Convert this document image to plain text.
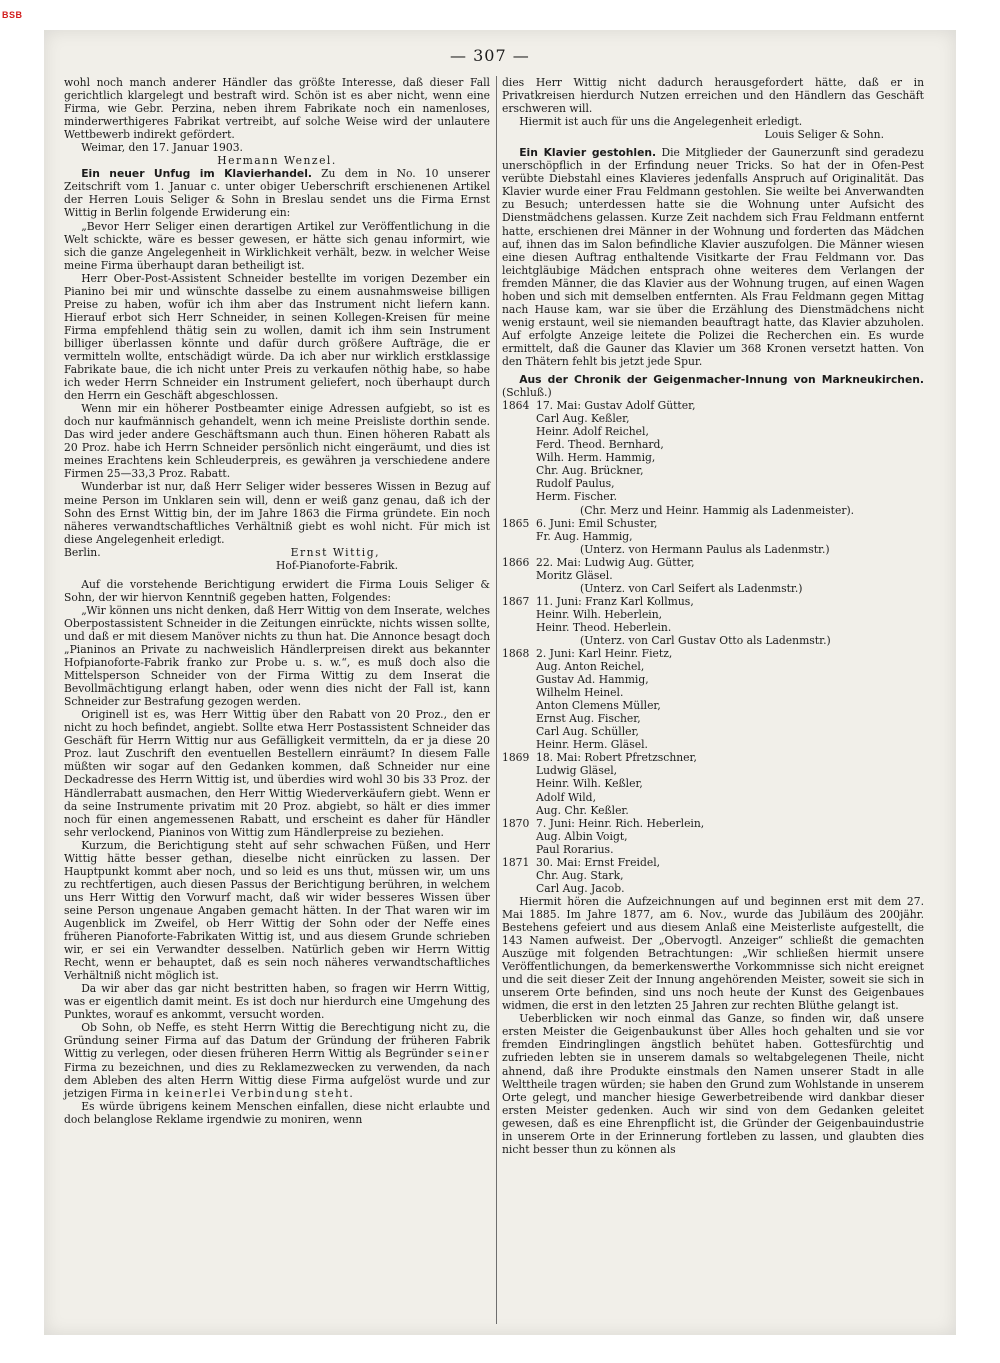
BSB
— 307 —

wohl noch manch anderer Händler das größte Interesse, daß dieser Fall gerichtlich klargelegt und bestraft wird. Schön ist es aber nicht, wenn eine Firma, wie Gebr. Perzina, neben ihrem Fabrikate noch ein namenloses, minderwerthigeres Fabrikat vertreibt, auf solche Weise wird der unlautere Wettbewerb indirekt gefördert.

Weimar, den 17. Januar 1903.

Hermann Wenzel.

Ein neuer Unfug im Klavierhandel. Zu dem in No. 10 unserer Zeitschrift vom 1. Januar c. unter obiger Ueberschrift erschienenen Artikel der Herren Louis Seliger & Sohn in Breslau sendet uns die Firma Ernst Wittig in Berlin folgende Erwiderung ein:

„Bevor Herr Seliger einen derartigen Artikel zur Veröffentlichung in die Welt schickte, wäre es besser gewesen, er hätte sich genau informirt, wie sich die ganze Angelegenheit in Wirklichkeit verhält, bezw. in welcher Weise meine Firma überhaupt daran betheiligt ist.

Herr Ober-Post-Assistent Schneider bestellte im vorigen Dezember ein Pianino bei mir und wünschte dasselbe zu einem ausnahmsweise billigen Preise zu haben, wofür ich ihm aber das Instrument nicht liefern kann. Hierauf erbot sich Herr Schneider, in seinen Kollegen-Kreisen für meine Firma empfehlend thätig sein zu wollen, damit ich ihm sein Instrument billiger überlassen könnte und dafür durch größere Aufträge, die er vermitteln wollte, entschädigt würde. Da ich aber nur wirklich erstklassige Fabrikate baue, die ich nicht unter Preis zu verkaufen nöthig habe, so habe ich weder Herrn Schneider ein Instrument geliefert, noch überhaupt durch den Herrn ein Geschäft abgeschlossen.

Wenn mir ein höherer Postbeamter einige Adressen aufgiebt, so ist es doch nur kaufmännisch gehandelt, wenn ich meine Preisliste dorthin sende. Das wird jeder andere Geschäftsmann auch thun. Einen höheren Rabatt als 20 Proz. habe ich Herrn Schneider persönlich nicht eingeräumt, und dies ist meines Erachtens kein Schleuderpreis, es gewähren ja verschiedene andere Firmen 25—33,3 Proz. Rabatt.

Wunderbar ist nur, daß Herr Seliger wider besseres Wissen in Bezug auf meine Person im Unklaren sein will, denn er weiß ganz genau, daß ich der Sohn des Ernst Wittig bin, der im Jahre 1863 die Firma gründete. Ein noch näheres verwandtschaftliches Verhältniß giebt es wohl nicht. Für mich ist diese Angelegenheit erledigt.

Berlin.	Ernst Wittig,

Hof-Pianoforte-Fabrik.

Auf die vorstehende Berichtigung erwidert die Firma Louis Seliger & Sohn, der wir hiervon Kenntniß gegeben hatten, Folgendes:

„Wir können uns nicht denken, daß Herr Wittig von dem Inserate, welches Oberpostassistent Schneider in die Zeitungen einrückte, nichts wissen sollte, und daß er mit diesem Manöver nichts zu thun hat. Die Annonce besagt doch „Pianinos an Private zu nachweislich Händlerpreisen direkt aus bekannter Hofpianoforte-Fabrik franko zur Probe u. s. w.“, es muß doch also die Mittelsperson Schneider von der Firma Wittig zu dem Inserat die Bevollmächtigung erlangt haben, oder wenn dies nicht der Fall ist, kann Schneider zur Bestrafung gezogen werden.

Originell ist es, was Herr Wittig über den Rabatt von 20 Proz., den er nicht zu hoch befindet, angiebt. Sollte etwa Herr Postassistent Schneider das Geschäft für Herrn Wittig nur aus Gefälligkeit vermitteln, da er ja diese 20 Proz. laut Zuschrift den eventuellen Bestellern einräumt? In diesem Falle müßten wir sogar auf den Gedanken kommen, daß Schneider nur eine Deckadresse des Herrn Wittig ist, und überdies wird wohl 30 bis 33 Proz. der Händlerrabatt ausmachen, den Herr Wittig Wiederverkäufern giebt. Wenn er da seine Instrumente privatim mit 20 Proz. abgiebt, so hält er dies immer noch für einen angemessenen Rabatt, und erscheint es daher für Händler sehr verlockend, Pianinos von Wittig zum Händlerpreise zu beziehen.

Kurzum, die Berichtigung steht auf sehr schwachen Füßen, und Herr Wittig hätte besser gethan, dieselbe nicht einrücken zu lassen. Der Hauptpunkt kommt aber noch, und so leid es uns thut, müssen wir, um uns zu rechtfertigen, auch diesen Passus der Berichtigung berühren, in welchem uns Herr Wittig den Vorwurf macht, daß wir wider besseres Wissen über seine Person ungenaue Angaben gemacht hätten. In der That waren wir im Augenblick im Zweifel, ob Herr Wittig der Sohn oder der Neffe eines früheren Pianoforte-Fabrikaten Wittig ist, und aus diesem Grunde schrieben wir, er sei ein Verwandter desselben. Natürlich geben wir Herrn Wittig Recht, wenn er behauptet, daß es sein noch näheres verwandtschaftliches Verhältniß nicht möglich ist.

Da wir aber das gar nicht bestritten haben, so fragen wir Herrn Wittig, was er eigentlich damit meint. Es ist doch nur hierdurch eine Umgehung des Punktes, worauf es ankommt, versucht worden.

Ob Sohn, ob Neffe, es steht Herrn Wittig die Berechtigung nicht zu, die Gründung seiner Firma auf das Datum der Gründung der früheren Fabrik Wittig zu verlegen, oder diesen früheren Herrn Wittig als Begründer seiner Firma zu bezeichnen, und dies zu Reklamezwecken zu verwenden, da nach dem Ableben des alten Herrn Wittig diese Firma aufgelöst wurde und zur jetzigen Firma in keinerlei Verbindung steht.

Es würde übrigens keinem Menschen einfallen, diese nicht erlaubte und doch belanglose Reklame irgendwie zu moniren, wenn

dies Herr Wittig nicht dadurch herausgefordert hätte, daß er in Privatkreisen hierdurch Nutzen erreichen und den Händlern das Geschäft erschweren will.

Hiermit ist auch für uns die Angelegenheit erledigt.

Louis Seliger & Sohn.

Ein Klavier gestohlen. Die Mitglieder der Gaunerzunft sind geradezu unerschöpflich in der Erfindung neuer Tricks. So hat der in Ofen-Pest verübte Diebstahl eines Klavieres jedenfalls Anspruch auf Originalität. Das Klavier wurde einer Frau Feldmann gestohlen. Sie weilte bei Anverwandten zu Besuch; unterdessen hatte sie die Wohnung unter Aufsicht des Dienstmädchens gelassen. Kurze Zeit nachdem sich Frau Feldmann entfernt hatte, erschienen drei Männer in der Wohnung und forderten das Mädchen auf, ihnen das im Salon befindliche Klavier auszufolgen. Die Männer wiesen eine diesen Auftrag enthaltende Visitkarte der Frau Feldmann vor. Das leichtgläubige Mädchen entsprach ohne weiteres dem Verlangen der fremden Männer, die das Klavier aus der Wohnung trugen, auf einen Wagen hoben und sich mit demselben entfernten. Als Frau Feldmann gegen Mittag nach Hause kam, war sie über die Erzählung des Dienstmädchens nicht wenig erstaunt, weil sie niemanden beauftragt hatte, das Klavier abzuholen. Auf erfolgte Anzeige leitete die Polizei die Recherchen ein. Es wurde ermittelt, daß die Gauner das Klavier um 368 Kronen versetzt hatten. Von den Thätern fehlt bis jetzt jede Spur.

Aus der Chronik der Geigenmacher-Innung von Markneukirchen. (Schluß.)

1864 17. Mai: Gustav Adolf Gütter,
Carl Aug. Keßler,
Heinr. Adolf Reichel,
Ferd. Theod. Bernhard,
Wilh. Herm. Hammig,
Chr. Aug. Brückner,
Rudolf Paulus,
Herm. Fischer.
(Chr. Merz und Heinr. Hammig als Ladenmeister).
1865 6. Juni: Emil Schuster,
Fr. Aug. Hammig,
(Unterz. von Hermann Paulus als Ladenmstr.)
1866 22. Mai: Ludwig Aug. Gütter,
Moritz Gläsel.
(Unterz. von Carl Seifert als Ladenmstr.)
1867 11. Juni: Franz Karl Kollmus,
Heinr. Wilh. Heberlein,
Heinr. Theod. Heberlein.
(Unterz. von Carl Gustav Otto als Ladenmstr.)
1868 2. Juni: Karl Heinr. Fietz,
Aug. Anton Reichel,
Gustav Ad. Hammig,
Wilhelm Heinel.
Anton Clemens Müller,
Ernst Aug. Fischer,
Carl Aug. Schüller,
Heinr. Herm. Gläsel.
1869 18. Mai: Robert Pfretzschner,
Ludwig Gläsel,
Heinr. Wilh. Keßler,
Adolf Wild,
Aug. Chr. Keßler.
1870 7. Juni: Heinr. Rich. Heberlein,
Aug. Albin Voigt,
Paul Rorarius.
1871 30. Mai: Ernst Freidel,
Chr. Aug. Stark,
Carl Aug. Jacob.

Hiermit hören die Aufzeichnungen auf und beginnen erst mit dem 27. Mai 1885. Im Jahre 1877, am 6. Nov., wurde das Jubiläum des 200jähr. Bestehens gefeiert und aus diesem Anlaß eine Meisterliste aufgestellt, die 143 Namen aufweist. Der „Obervogtl. Anzeiger“ schließt die gemachten Auszüge mit folgenden Betrachtungen: „Wir schließen hiermit unsere Veröffentlichungen, da bemerkenswerthe Vorkommnisse sich nicht ereignet und die seit dieser Zeit der Innung angehörenden Meister, soweit sie sich in unserem Orte befinden, sind uns noch heute der Kunst des Geigenbaues widmen, die erst in den letzten 25 Jahren zur rechten Blüthe gelangt ist.

Ueberblicken wir noch einmal das Ganze, so finden wir, daß unsere ersten Meister die Geigenbaukunst über Alles hoch gehalten und sie vor fremden Eindringlingen ängstlich behütet haben. Gottesfürchtig und zufrieden lebten sie in unserem damals so weltabgelegenen Theile, nicht ahnend, daß ihre Produkte einstmals den Namen unserer Stadt in alle Welttheile tragen würden; sie haben den Grund zum Wohlstande in unserem Orte gelegt, und mancher hiesige Gewerbetreibende wird dankbar dieser ersten Meister gedenken. Auch wir sind von dem Gedanken geleitet gewesen, daß es eine Ehrenpflicht ist, die Gründer der Geigenbauindustrie in unserem Orte in der Erinnerung fortleben zu lassen, und glaubten dies nicht besser thun zu können als
